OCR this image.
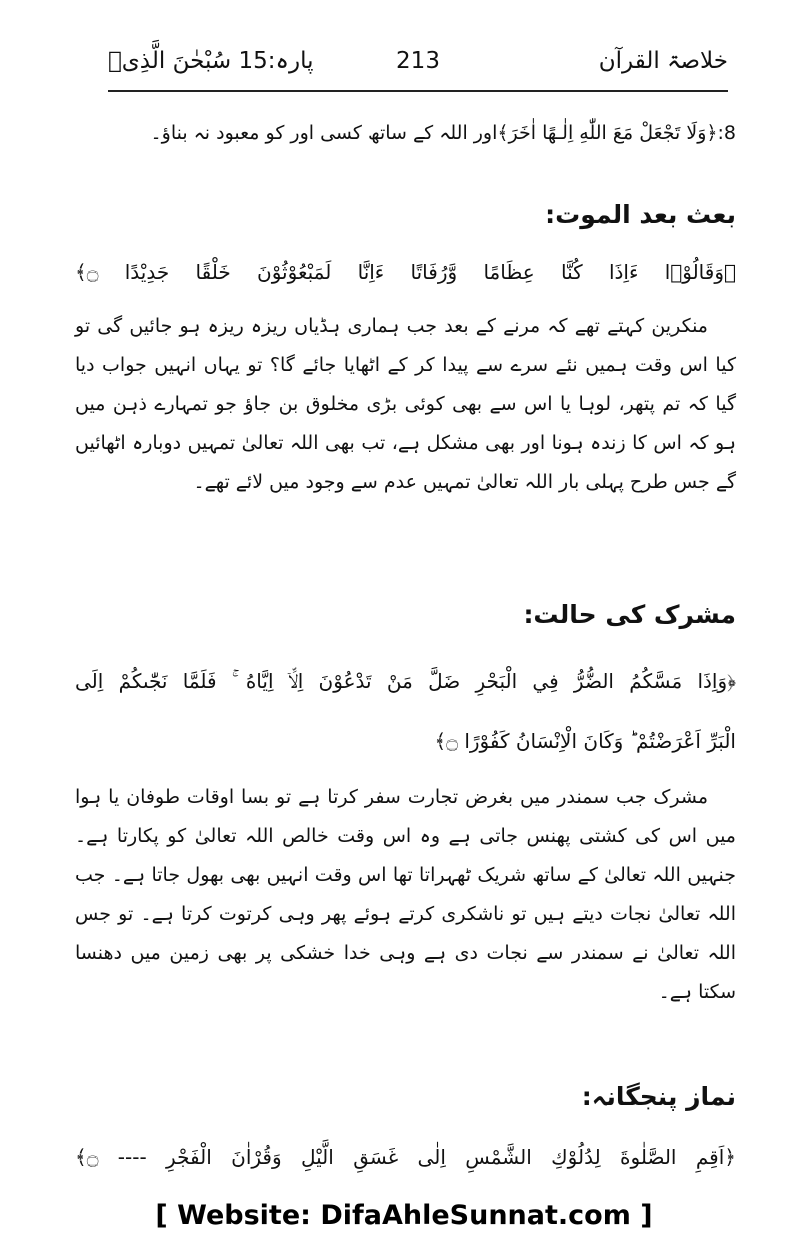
خلاصۃ القرآن
213
پارہ:15 سُبْحٰنَ الَّذِیۤ
8:﴿وَلَا تَجْعَلْ مَعَ اللّٰهِ اِلٰـهًا اٰخَرَ﴾اور اللہ کے ساتھ کسی اور کو معبود نہ بناؤ۔
بعث بعد الموت:
﴿وَقَالُوْۤا ءَاِذَا كُنَّا عِظَامًا وَّرُفَاتًا ءَاِنَّا لَمَبْعُوْثُوْنَ خَلْقًا جَدِيْدًا ۝﴾

منکرین کہتے تھے کہ مرنے کے بعد جب ہماری ہڈیاں ریزہ ریزہ ہو جائیں گی تو کیا اس وقت ہمیں نئے سرے سے پیدا کر کے اٹھایا جائے گا؟ تو یہاں انہیں جواب دیا گیا کہ تم پتھر، لوہا یا اس سے بھی کوئی بڑی مخلوق بن جاؤ جو تمہارے ذہن میں ہو کہ اس کا زندہ ہونا اور بھی مشکل ہے، تب بھی اللہ تعالیٰ تمہیں دوبارہ اٹھائیں گے جس طرح پہلی بار اللہ تعالیٰ تمہیں عدم سے وجود میں لائے تھے۔

مشرک کی حالت:
﴿وَاِذَا مَسَّكُمُ الضُّرُّ فِي الْبَحْرِ ضَلَّ مَنْ تَدْعُوْنَ اِلَّاۤ اِيَّاهُ ۚ فَلَمَّا نَجّٰىكُمْ اِلَى
الْبَرِّ اَعْرَضْتُمْ ؕ وَكَانَ الْاِنْسَانُ كَفُوْرًا ۝﴾

مشرک جب سمندر میں بغرض تجارت سفر کرتا ہے تو بسا اوقات طوفان یا ہوا میں اس کی کشتی پھنس جاتی ہے وہ اس وقت خالص اللہ تعالیٰ کو پکارتا ہے۔ جنہیں اللہ تعالیٰ کے ساتھ شریک ٹھہراتا تھا اس وقت انہیں بھی بھول جاتا ہے۔ جب اللہ تعالیٰ نجات دیتے ہیں تو ناشکری کرتے ہوئے پھر وہی کرتوت کرتا ہے۔ تو جس اللہ تعالیٰ نے سمندر سے نجات دی ہے وہی خدا خشکی پر بھی زمین میں دھنسا سکتا ہے۔

نماز پنجگانہ:
﴿اَقِمِ الصَّلٰوةَ لِدُلُوْكِ الشَّمْسِ اِلٰى غَسَقِ الَّيْلِ وَقُرْاٰنَ الْفَجْرِ ---- ۝﴾
[ Website: DifaAhleSunnat.com ]
